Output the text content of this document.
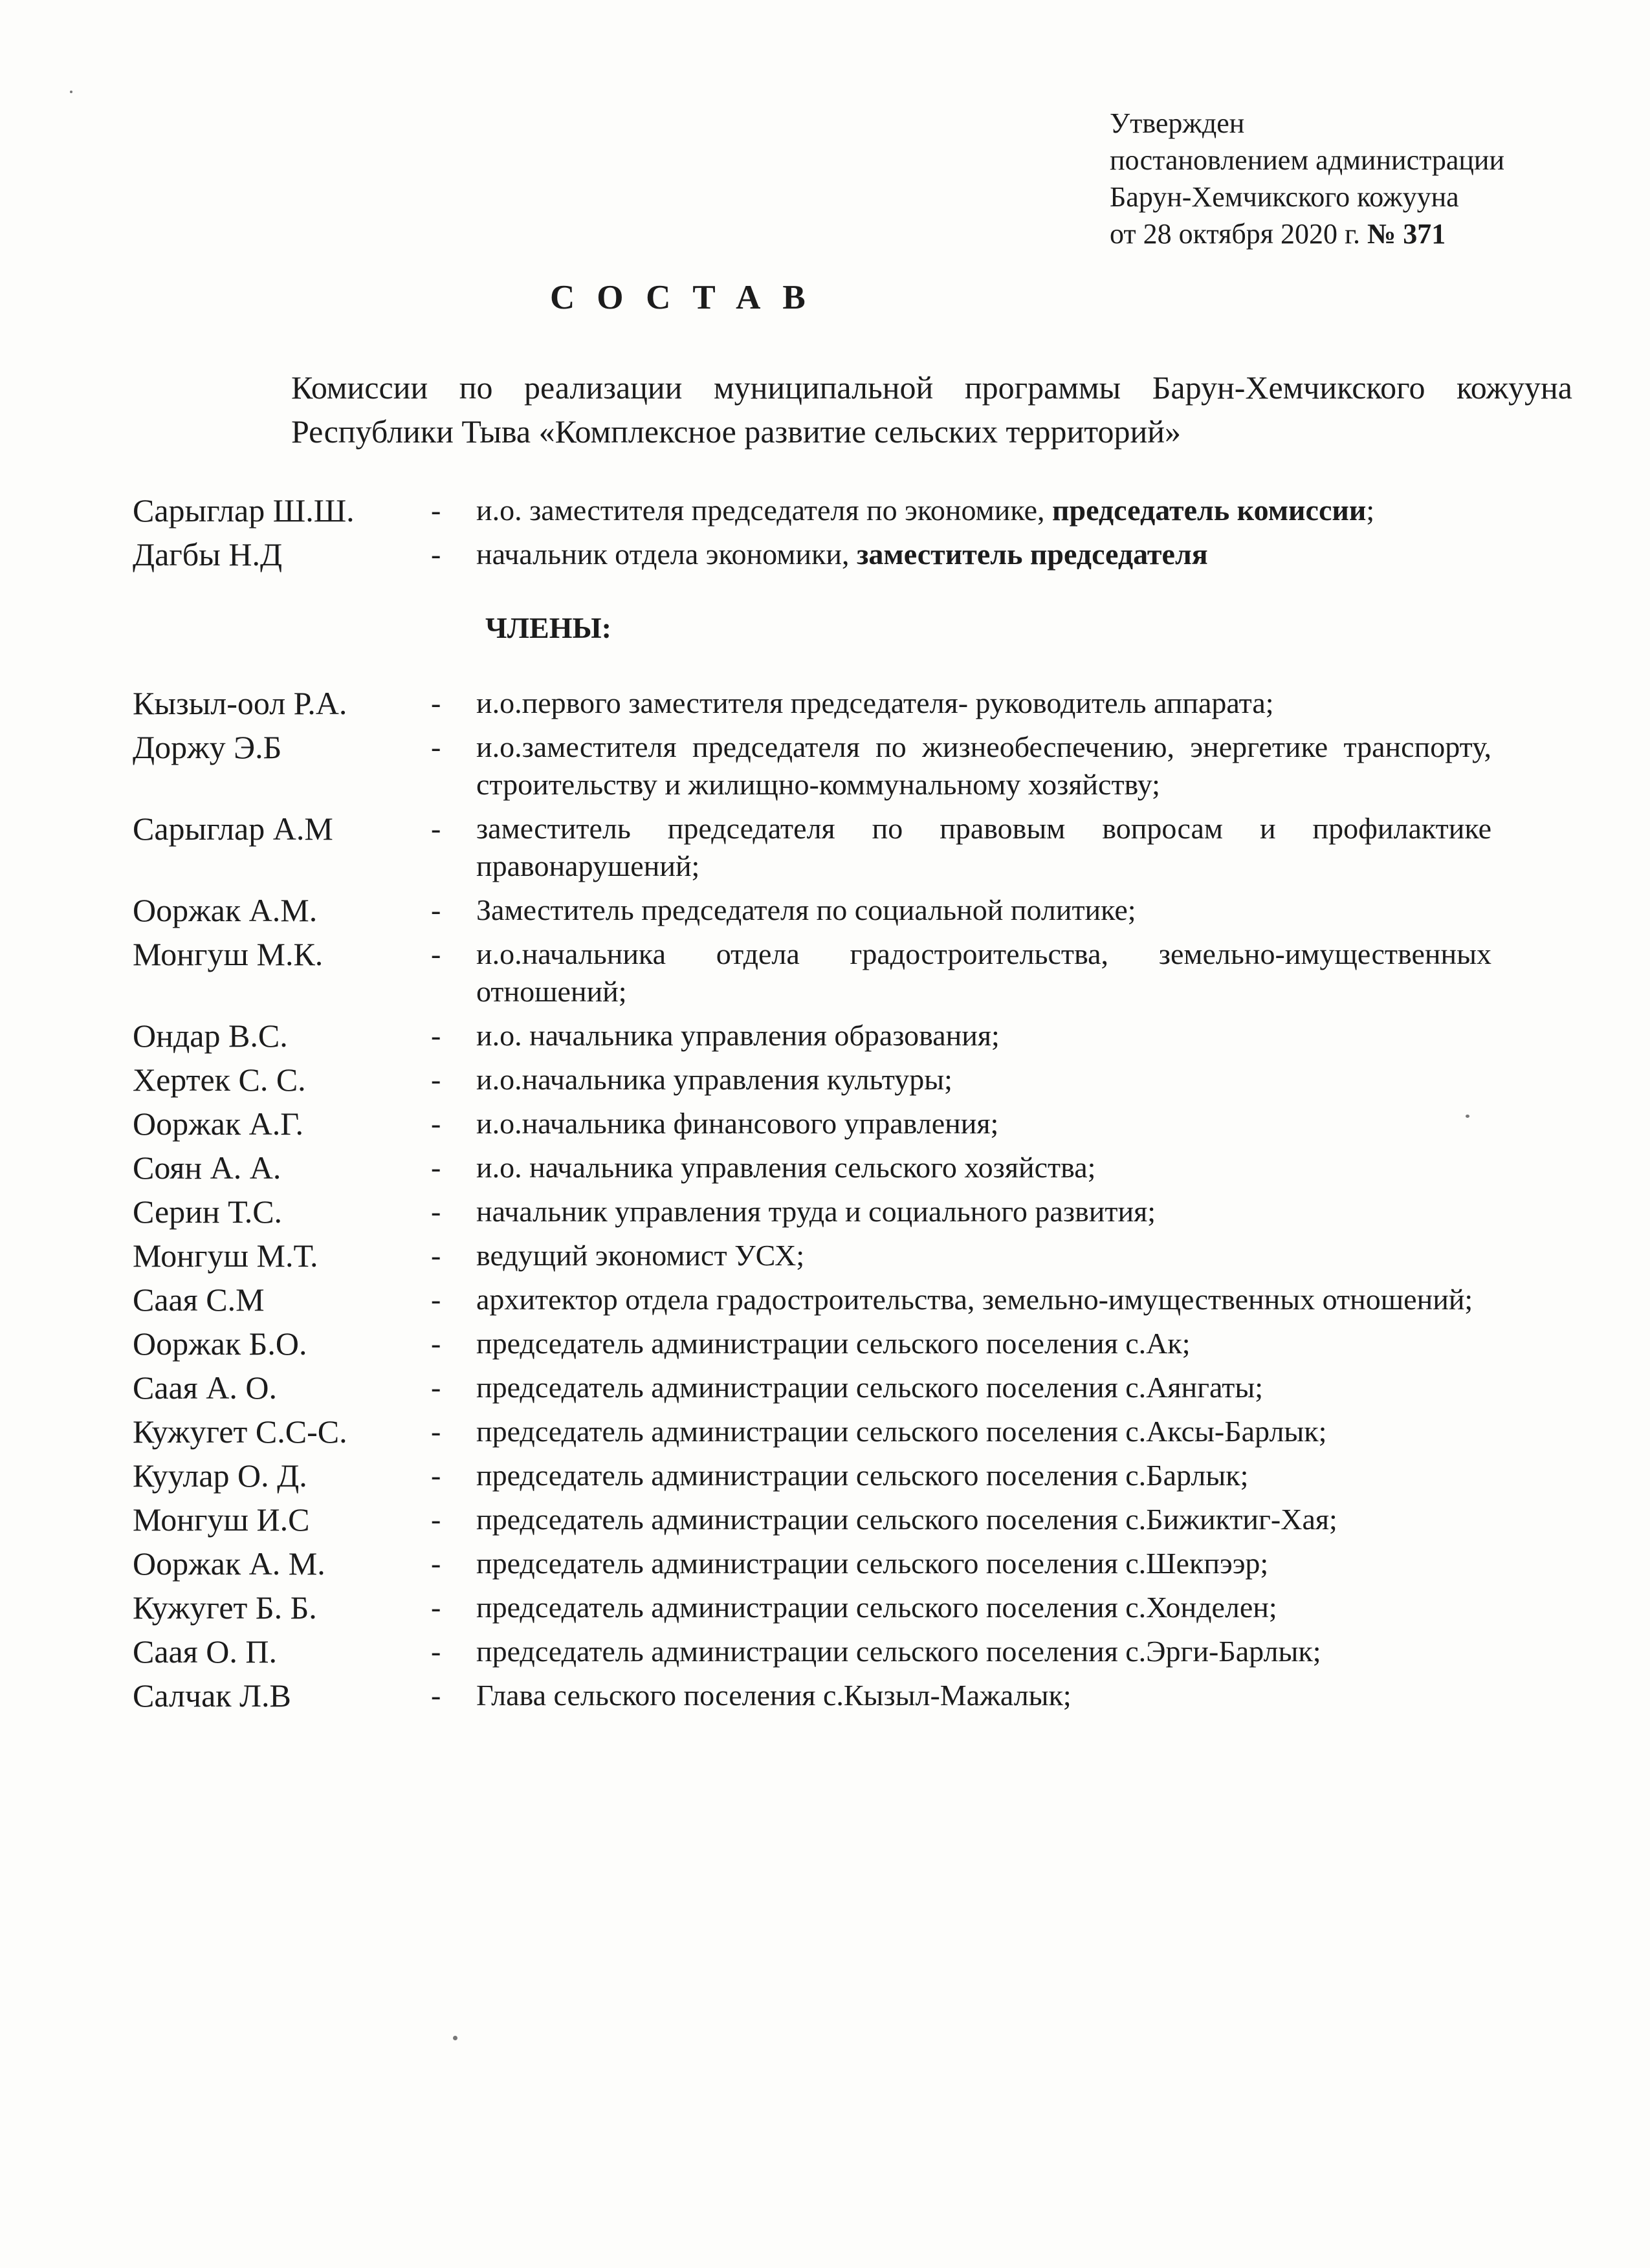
Утвержден
постановлением администрации
Барун-Хемчикского кожууна
от 28 октября 2020 г. № 371
СОСТАВ
Комиссии по реализации муниципальной программы Барун-Хемчикского кожууна Республики Тыва «Комплексное развитие сельских территорий»
Сарыглар Ш.Ш.	-	и.о. заместителя председателя по экономике, председатель комиссии;
Дагбы Н.Д	-	начальник отдела экономики, заместитель председателя
ЧЛЕНЫ:
Кызыл-оол Р.А.	-	и.о.первого заместителя председателя- руководитель аппарата;
Доржу Э.Б	-	и.о.заместителя председателя по жизнеобеспечению, энергетике транспорту, строительству и жилищно-коммунальному хозяйству;
Сарыглар А.М	-	заместитель председателя по правовым вопросам и профилактике правонарушений;
Ооржак А.М.	-	Заместитель председателя по социальной политике;
Монгуш М.К.	-	и.о.начальника отдела градостроительства, земельно-имущественных отношений;
Ондар В.С.	-	и.о. начальника управления образования;
Хертек С. С.	-	и.о.начальника управления культуры;
Ооржак А.Г.	-	и.о.начальника финансового управления;
Соян А. А.	-	и.о. начальника управления сельского хозяйства;
Серин Т.С.	-	начальник управления труда и социального развития;
Монгуш М.Т.	-	ведущий экономист УСХ;
Саая С.М	-	архитектор отдела градостроительства, земельно-имущественных отношений;
Ооржак Б.О.	-	председатель администрации сельского поселения с.Ак;
Саая А. О.	-	председатель администрации сельского поселения с.Аянгаты;
Кужугет С.С-С.	-	председатель администрации сельского поселения с.Аксы-Барлык;
Куулар О. Д.	-	председатель администрации сельского поселения с.Барлык;
Монгуш И.С	-	председатель администрации сельского поселения с.Бижиктиг-Хая;
Ооржак А. М.	-	председатель администрации сельского поселения с.Шекпээр;
Кужугет Б. Б.	-	председатель администрации сельского поселения с.Хонделен;
Саая О. П.	-	председатель администрации сельского поселения с.Эрги-Барлык;
Салчак Л.В	-	Глава сельского поселения с.Кызыл-Мажалык;
